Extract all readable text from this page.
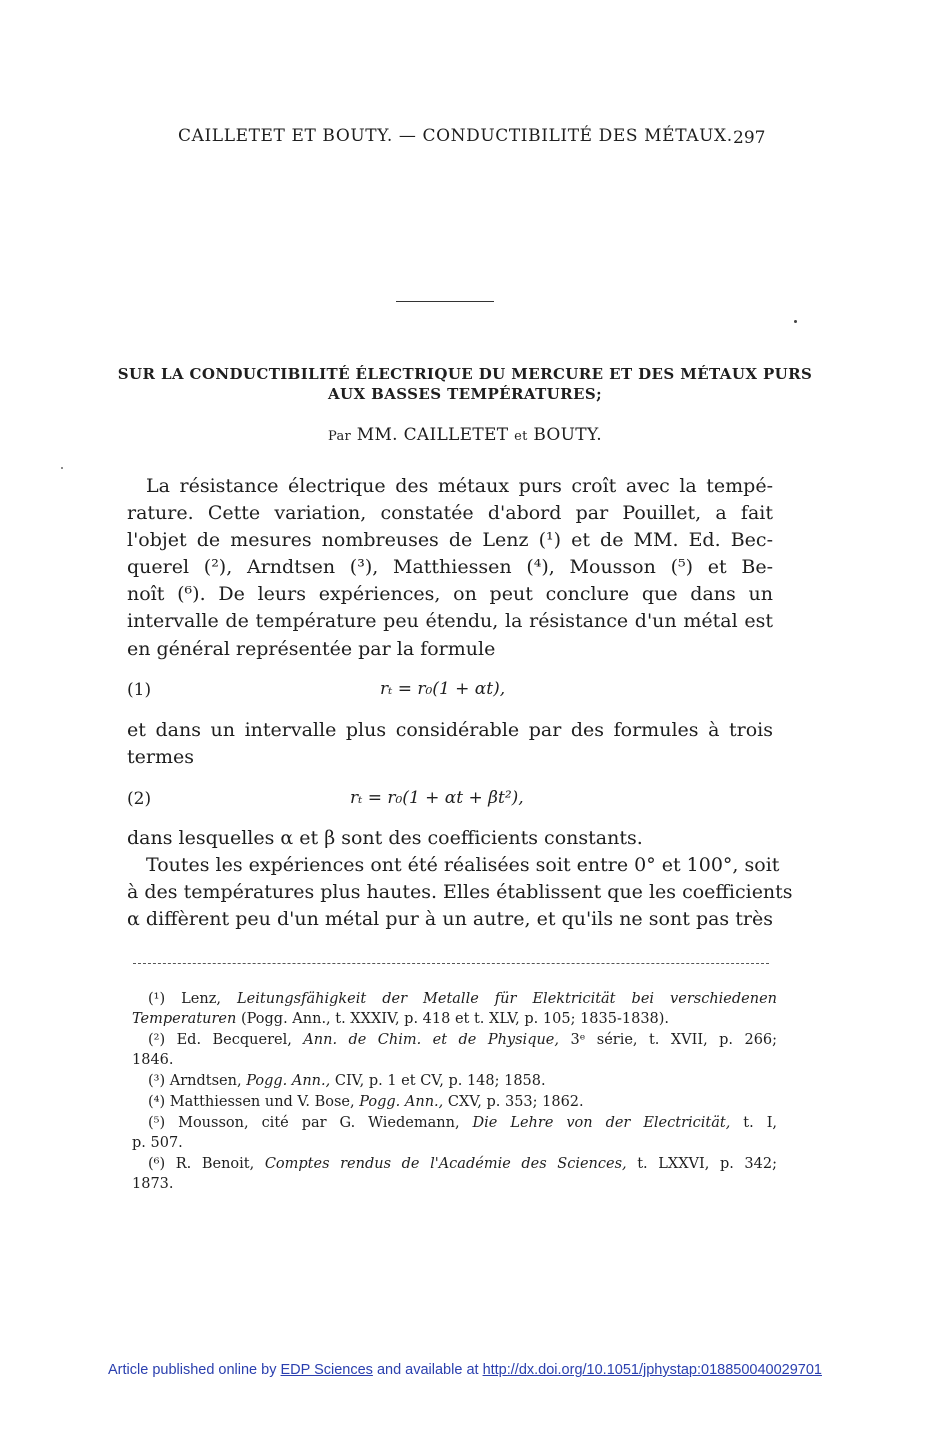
CAILLETET ET BOUTY. — CONDUCTIBILITÉ DES MÉTAUX. 297
SUR LA CONDUCTIBILITÉ ÉLECTRIQUE DU MERCURE ET DES MÉTAUX PURS
AUX BASSES TEMPÉRATURES;
Par MM. CAILLETET et BOUTY.
La résistance électrique des métaux purs croît avec la tempé-
rature. Cette variation, constatée d'abord par Pouillet, a fait
l'objet de mesures nombreuses de Lenz (¹) et de MM. Ed. Bec-
querel (²), Arndtsen (³), Matthiessen (⁴), Mousson (⁵) et Be-
noît (⁶). De leurs expériences, on peut conclure que dans un
intervalle de température peu étendu, la résistance d'un métal est
en général représentée par la formule
(1)	rₜ = r₀(1 + αt),
et dans un intervalle plus considérable par des formules à trois
termes
(2)	rₜ = r₀(1 + αt + βt²),
dans lesquelles α et β sont des coefficients constants.
Toutes les expériences ont été réalisées soit entre 0° et 100°, soit
à des températures plus hautes. Elles établissent que les coefficients
α diffèrent peu d'un métal pur à un autre, et qu'ils ne sont pas très
(¹) Lenz, Leitungsfähigkeit der Metalle für Elektricität bei verschiedenen
Temperaturen (Pogg. Ann., t. XXXIV, p. 418 et t. XLV, p. 105; 1835-1838).
(²) Ed. Becquerel, Ann. de Chim. et de Physique, 3ᵉ série, t. XVII, p. 266;
1846.
(³) Arndtsen, Pogg. Ann., CIV, p. 1 et CV, p. 148; 1858.
(⁴) Matthiessen und V. Bose, Pogg. Ann., CXV, p. 353; 1862.
(⁵) Mousson, cité par G. Wiedemann, Die Lehre von der Electricität, t. I,
p. 507.
(⁶) R. Benoit, Comptes rendus de l'Académie des Sciences, t. LXXVI, p. 342;
1873.
Article published online by EDP Sciences and available at http://dx.doi.org/10.1051/jphystap:018850040029701
